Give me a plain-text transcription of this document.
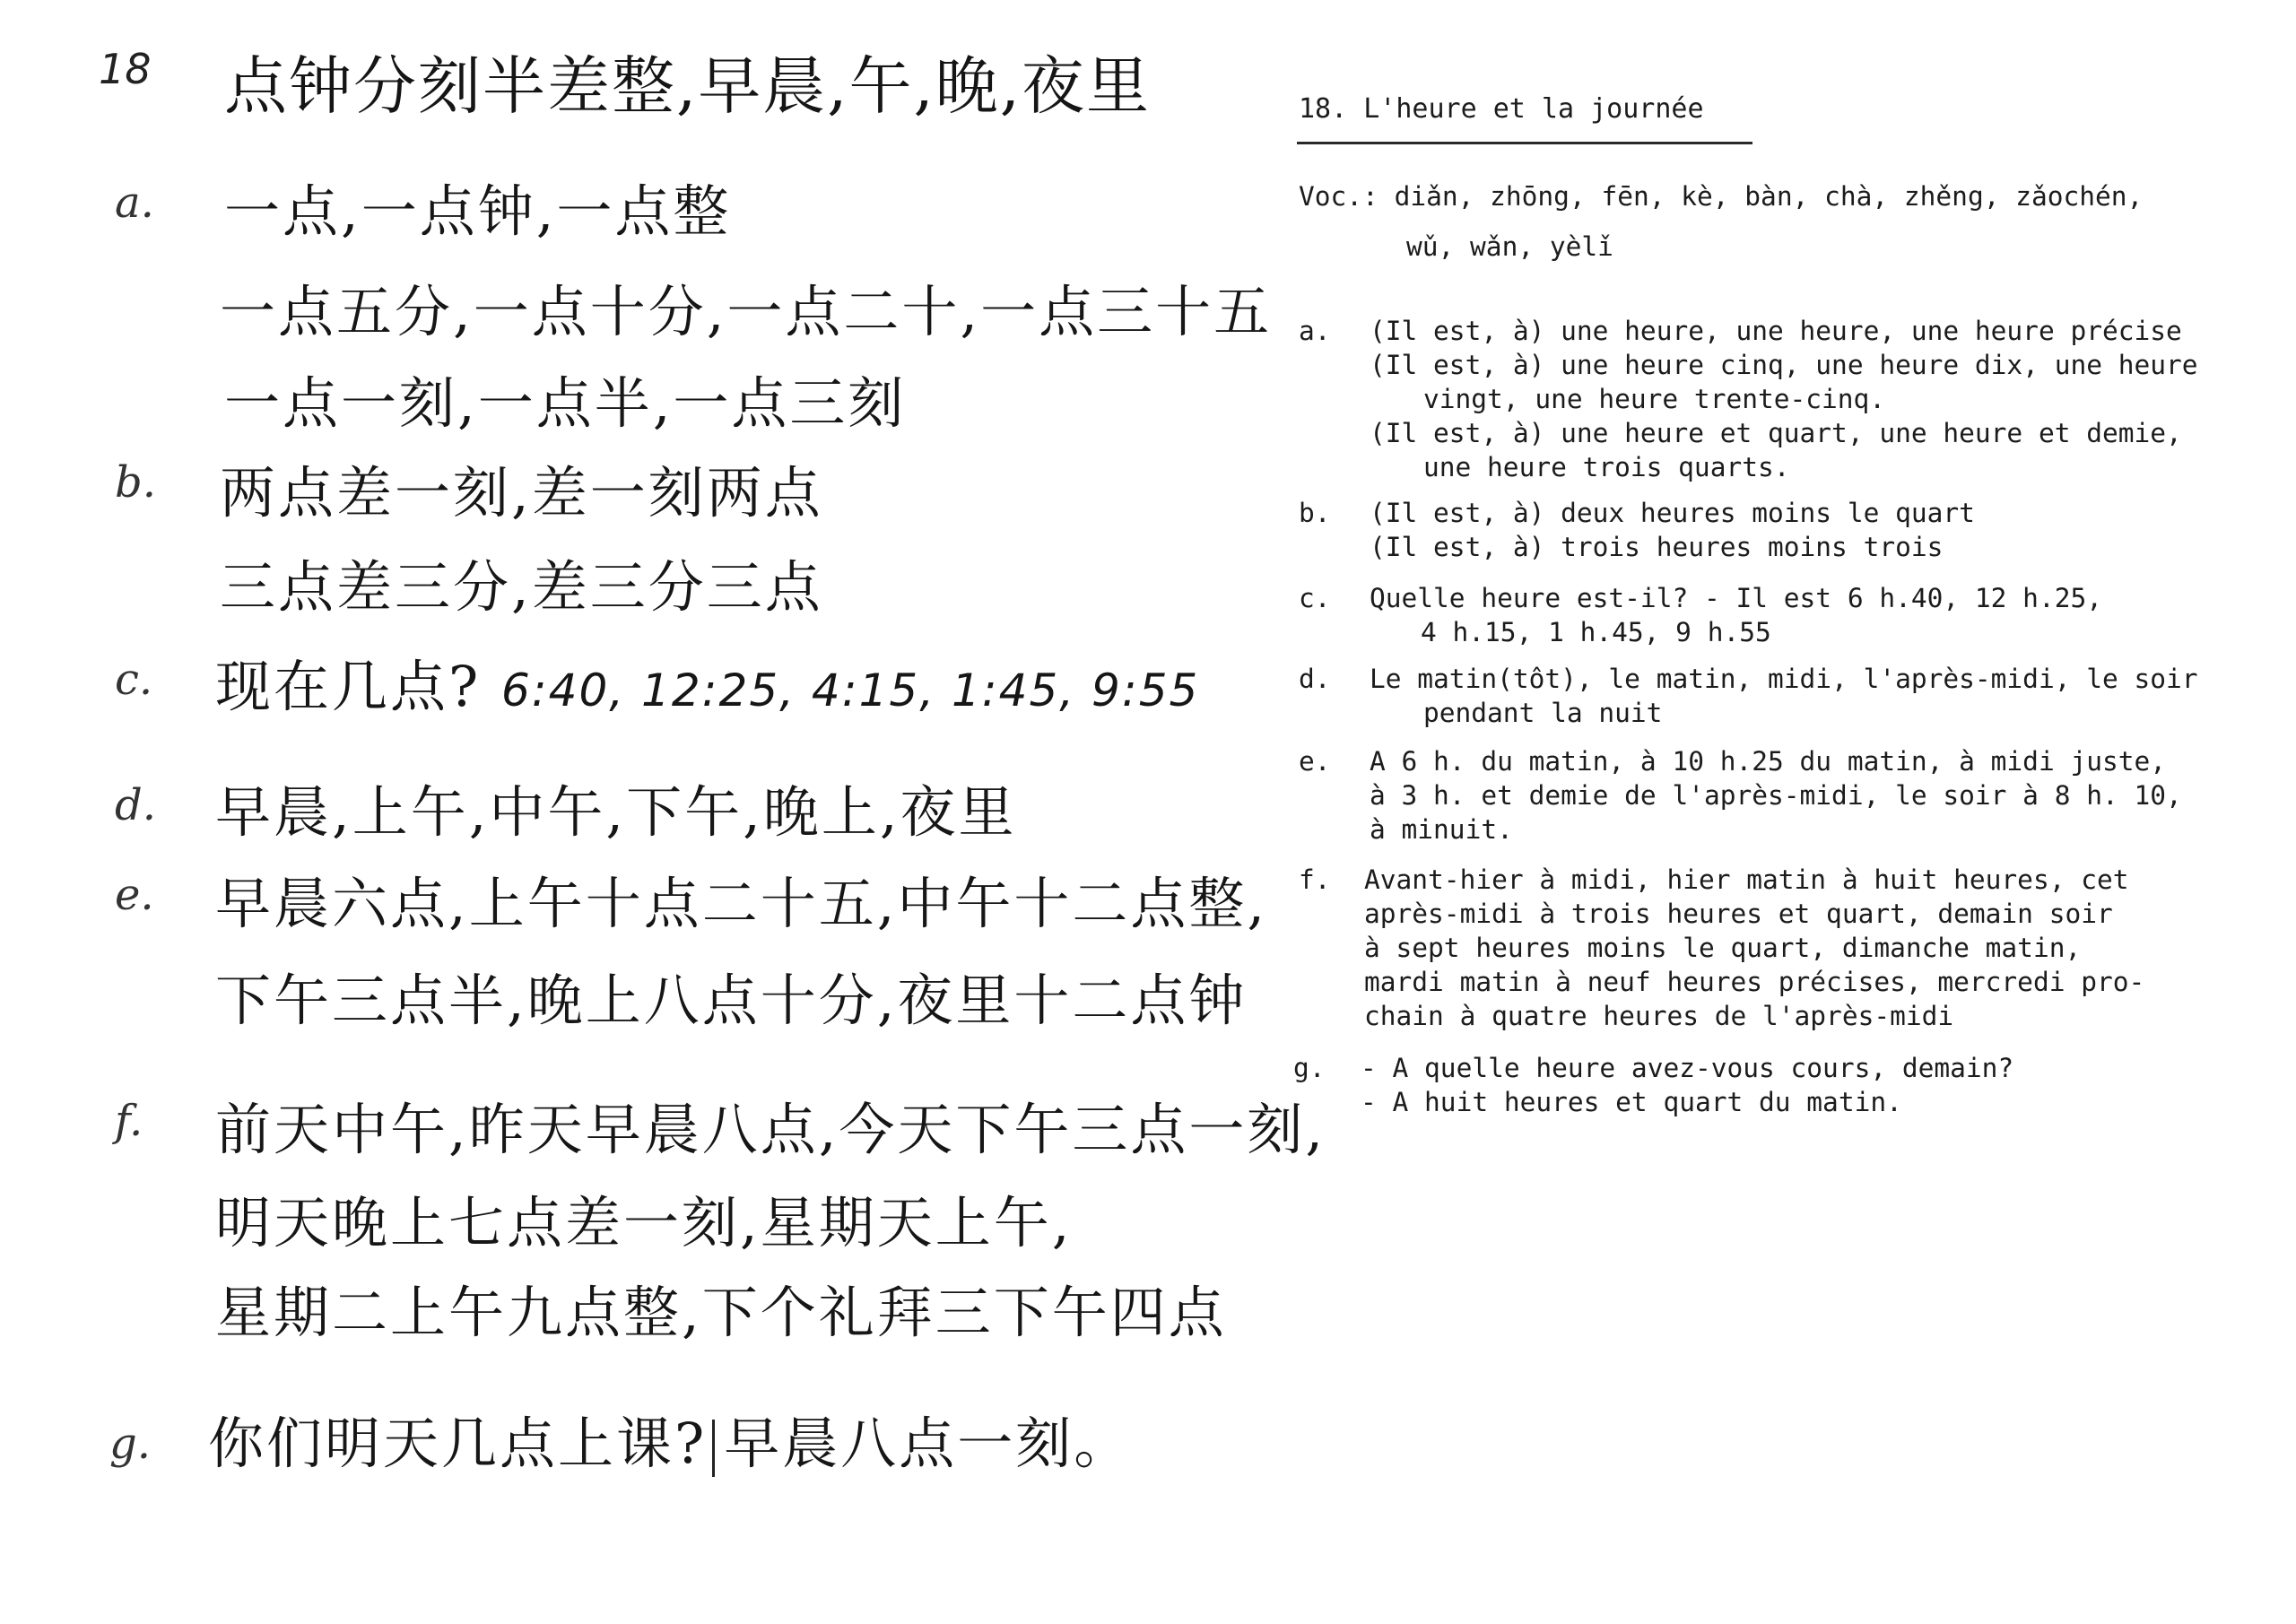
18 点钟分刻半差整,早晨,午,晚,夜里
a. 一点,一点钟,一点整
一点五分,一点十分,一点二十,一点三十五
一点一刻,一点半,一点三刻
b. 两点差一刻,差一刻两点
三点差三分,差三分三点
c. 现在几点? 6:40, 12:25, 4:15, 1:45, 9:55
d. 早晨,上午,中午,下午,晚上,夜里
e. 早晨六点,上午十点二十五,中午十二点整,
下午三点半,晚上八点十分,夜里十二点钟
f. 前天中午,昨天早晨八点,今天下午三点一刻,
明天晚上七点差一刻,星期天上午,
星期二上午九点整,下个礼拜三下午四点
g. 你们明天几点上课? 早晨八点一刻。
18. L'heure et la journée
Voc.: diǎn, zhōng, fēn, kè, bàn, chà, zhěng, zǎochén,
wǔ, wǎn, yèlǐ
a. (Il est, à) une heure, une heure, une heure précise
(Il est, à) une heure cinq, une heure dix, une heure
vingt, une heure trente-cinq.
(Il est, à) une heure et quart, une heure et demie,
une heure trois quarts.
b. (Il est, à) deux heures moins le quart
(Il est, à) trois heures moins trois
c. Quelle heure est-il? - Il est 6 h.40, 12 h.25,
4 h.15, 1 h.45, 9 h.55
d. Le matin(tôt), le matin, midi, l'après-midi, le soir
pendant la nuit
e. A 6 h. du matin, à 10 h.25 du matin, à midi juste,
à 3 h. et demie de l'après-midi, le soir à 8 h. 10,
à minuit.
f. Avant-hier à midi, hier matin à huit heures, cet
après-midi à trois heures et quart, demain soir
à sept heures moins le quart, dimanche matin,
mardi matin à neuf heures précises, mercredi pro-
chain à quatre heures de l'après-midi
g. - A quelle heure avez-vous cours, demain?
- A huit heures et quart du matin.
